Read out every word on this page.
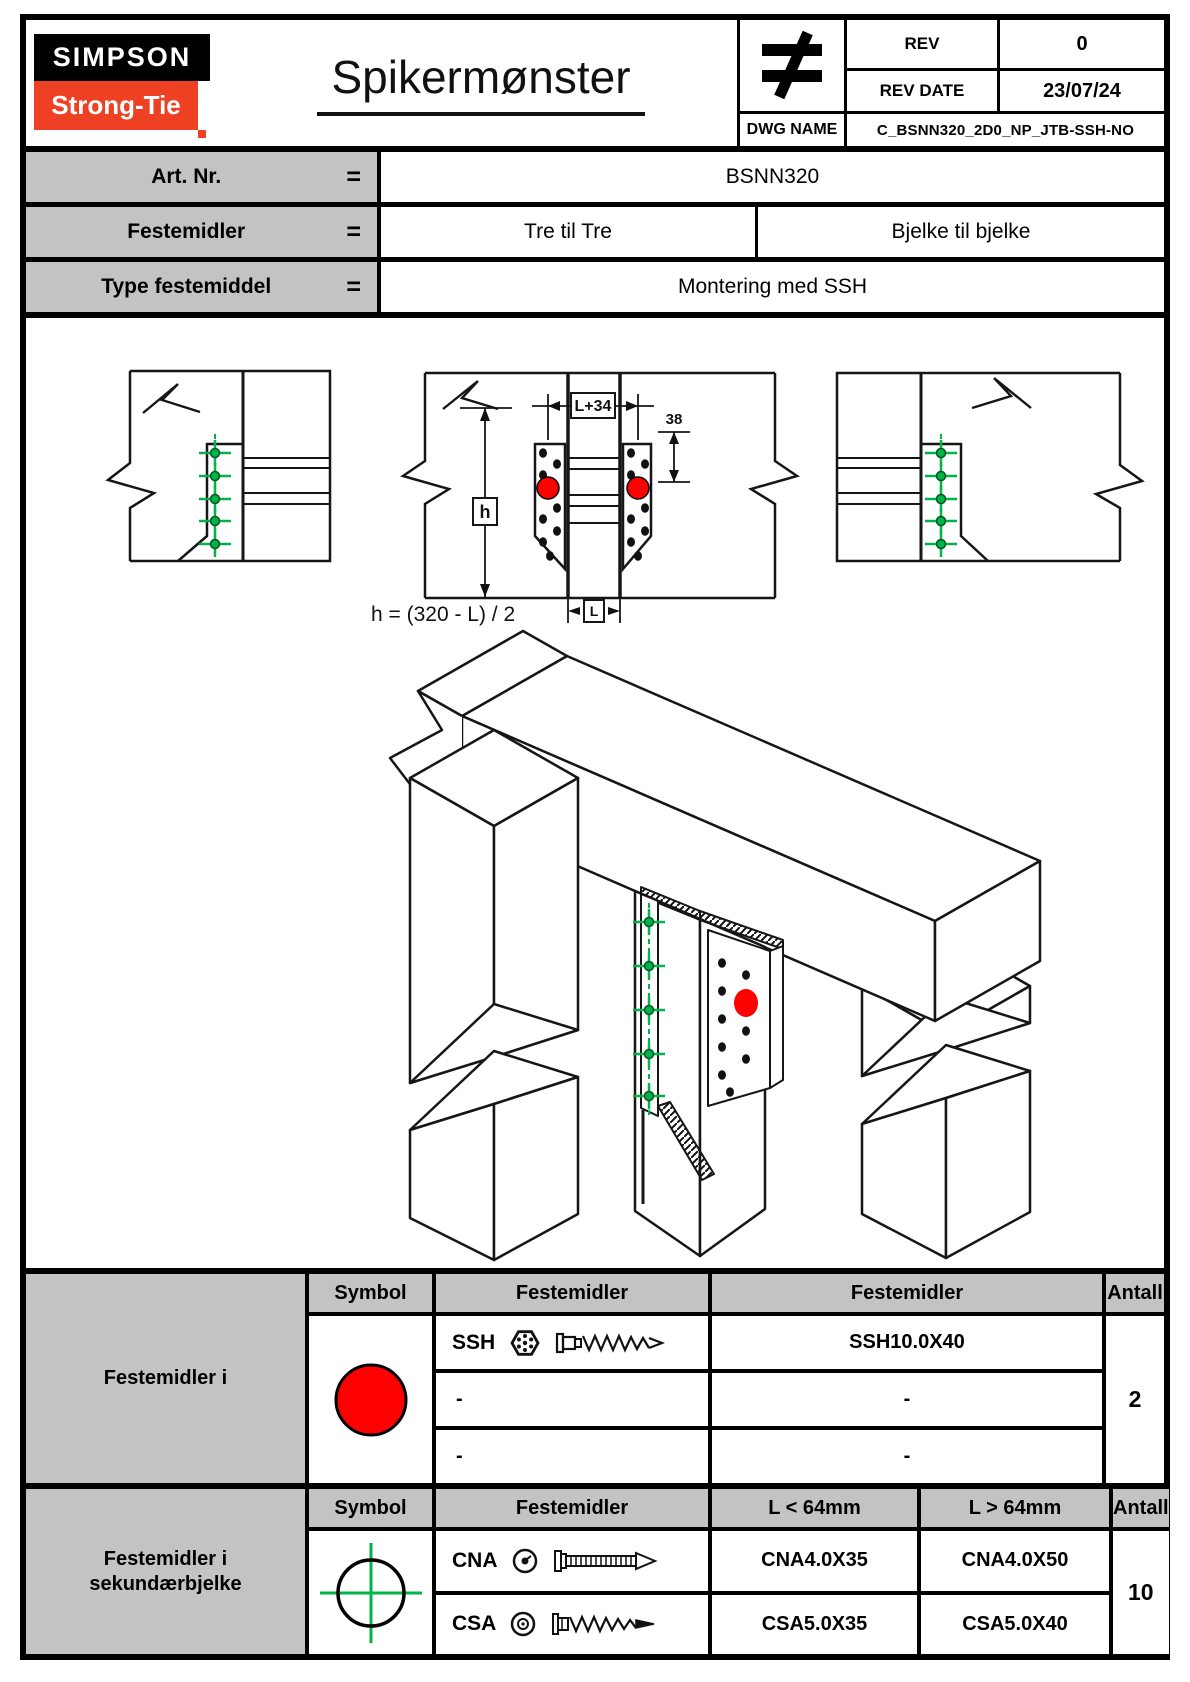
SIMPSON
Strong-Tie
Spikermønster
REV	0
REV DATE	23/07/24
DWG NAME	C_BSNN320_2D0_NP_JTB-SSH-NO
Art. Nr.	=	BSNN320
Festemidler	=	Tre til Tre	Bjelke til bjelke
Type festemiddel	=	Montering med SSH
L+34
38
h
h = (320 - L) / 2	L
Festemidler i
Symbol	Festemidler	Festemidler	Antall
SSH	SSH10.0X40
-	-
-	-
2
Festemidler i
sekundærbjelke
Symbol	Festemidler	L < 64mm	L > 64mm	Antall
CNA	CNA4.0X35	CNA4.0X50
CSA	CSA5.0X35	CSA5.0X40
10
